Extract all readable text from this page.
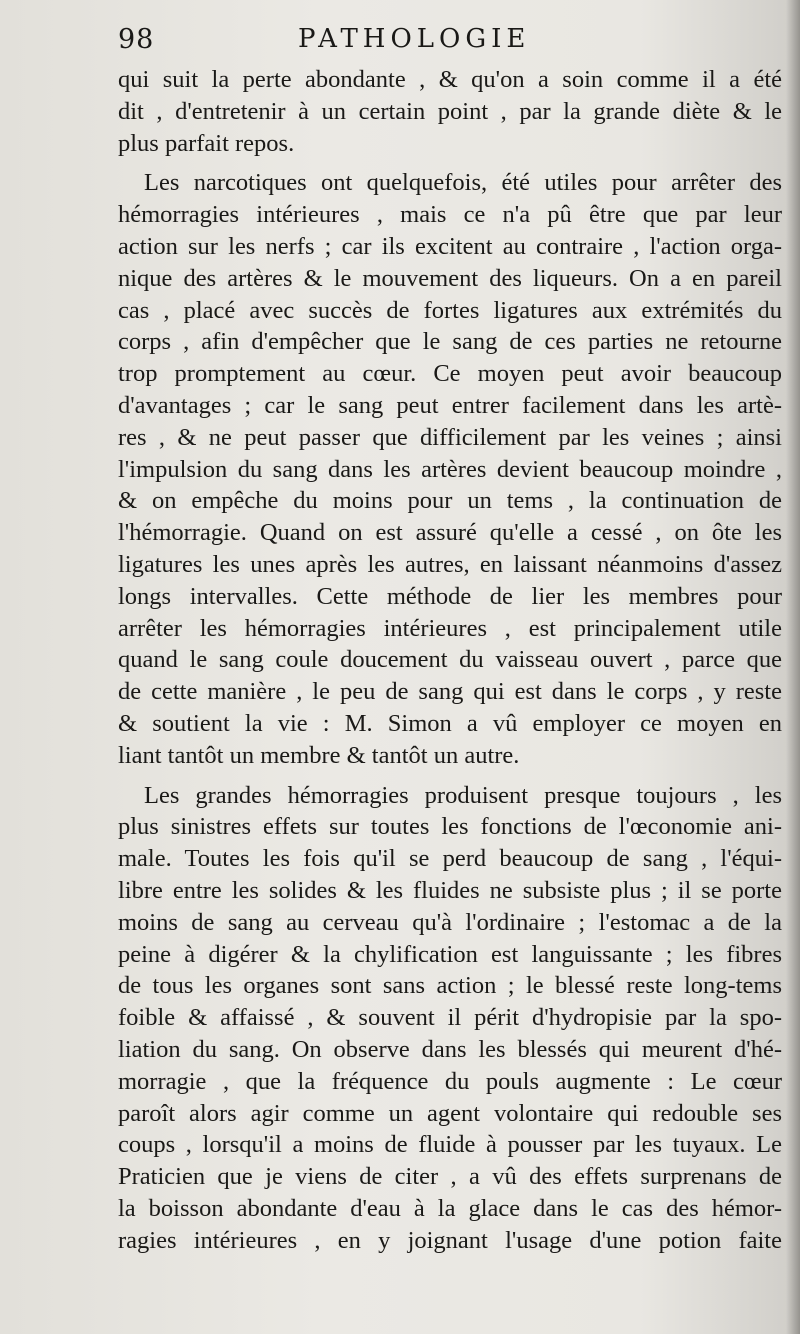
98	PATHOLOGIE
qui suit la perte abondante , & qu'on a soin comme il a été
dit , d'entretenir à un certain point , par la grande diète & le
plus parfait repos.
Les narcotiques ont quelquefois, été utiles pour arrêter des
hémorragies intérieures , mais ce n'a pû être que par leur
action sur les nerfs ; car ils excitent au contraire , l'action orga-
nique des artères & le mouvement des liqueurs. On a en pareil
cas , placé avec succès de fortes ligatures aux extrémités du
corps , afin d'empêcher que le sang de ces parties ne retourne
trop promptement au cœur. Ce moyen peut avoir beaucoup
d'avantages ; car le sang peut entrer facilement dans les artè-
res , & ne peut passer que difficilement par les veines ; ainsi
l'impulsion du sang dans les artères devient beaucoup moindre ,
& on empêche du moins pour un tems , la continuation de
l'hémorragie. Quand on est assuré qu'elle a cessé , on ôte les
ligatures les unes après les autres, en laissant néanmoins d'assez
longs intervalles. Cette méthode de lier les membres pour
arrêter les hémorragies intérieures , est principalement utile
quand le sang coule doucement du vaisseau ouvert , parce que
de cette manière , le peu de sang qui est dans le corps , y reste
& soutient la vie : M. Simon a vû employer ce moyen en
liant tantôt un membre & tantôt un autre.
Les grandes hémorragies produisent presque toujours , les
plus sinistres effets sur toutes les fonctions de l'œconomie ani-
male. Toutes les fois qu'il se perd beaucoup de sang , l'équi-
libre entre les solides & les fluides ne subsiste plus ; il se porte
moins de sang au cerveau qu'à l'ordinaire ; l'estomac a de la
peine à digérer & la chylification est languissante ; les fibres
de tous les organes sont sans action ; le blessé reste long-tems
foible & affaissé , & souvent il périt d'hydropisie par la spo-
liation du sang. On observe dans les blessés qui meurent d'hé-
morragie , que la fréquence du pouls augmente : Le cœur
paroît alors agir comme un agent volontaire qui redouble ses
coups , lorsqu'il a moins de fluide à pousser par les tuyaux. Le
Praticien que je viens de citer , a vû des effets surprenans de
la boisson abondante d'eau à la glace dans le cas des hémor-
ragies intérieures , en y joignant l'usage d'une potion faite
